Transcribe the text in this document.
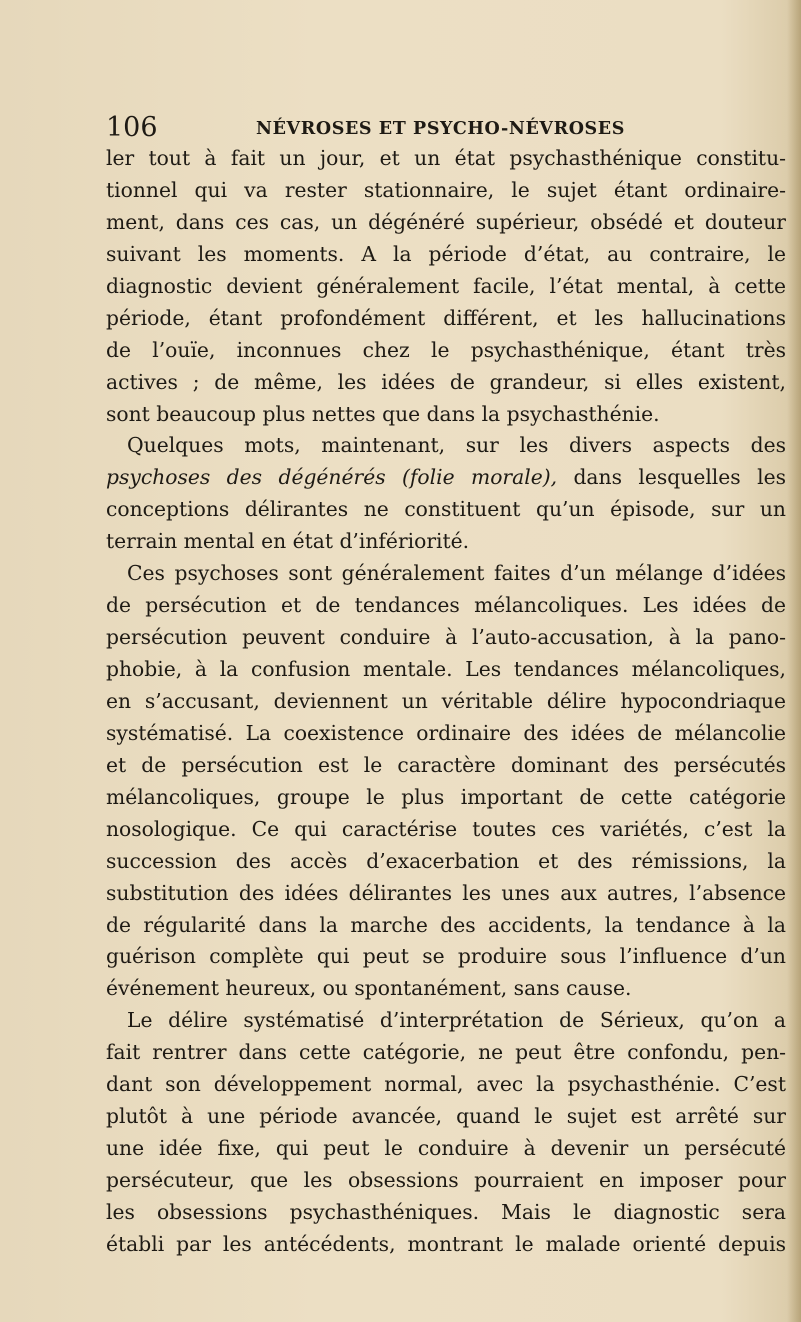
106	NÉVROSES ET PSYCHO-NÉVROSES
ler tout à fait un jour, et un état psychasthénique constitu-
tionnel qui va rester stationnaire, le sujet étant ordinaire-
ment, dans ces cas, un dégénéré supérieur, obsédé et douteur
suivant les moments. A la période d’état, au contraire, le
diagnostic devient généralement facile, l’état mental, à cette
période, étant profondément différent, et les hallucinations
de l’ouïe, inconnues chez le psychasthénique, étant très
actives ; de même, les idées de grandeur, si elles existent,
sont beaucoup plus nettes que dans la psychasthénie.
Quelques mots, maintenant, sur les divers aspects des
psychoses des dégénérés (folie morale), dans lesquelles les
conceptions délirantes ne constituent qu’un épisode, sur un
terrain mental en état d’infériorité.
Ces psychoses sont généralement faites d’un mélange d’idées
de persécution et de tendances mélancoliques. Les idées de
persécution peuvent conduire à l’auto-accusation, à la pano-
phobie, à la confusion mentale. Les tendances mélancoliques,
en s’accusant, deviennent un véritable délire hypocondriaque
systématisé. La coexistence ordinaire des idées de mélancolie
et de persécution est le caractère dominant des persécutés
mélancoliques, groupe le plus important de cette catégorie
nosologique. Ce qui caractérise toutes ces variétés, c’est la
succession des accès d’exacerbation et des rémissions, la
substitution des idées délirantes les unes aux autres, l’absence
de régularité dans la marche des accidents, la tendance à la
guérison complète qui peut se produire sous l’influence d’un
événement heureux, ou spontanément, sans cause.
Le délire systématisé d’interprétation de Sérieux, qu’on a
fait rentrer dans cette catégorie, ne peut être confondu, pen-
dant son développement normal, avec la psychasthénie. C’est
plutôt à une période avancée, quand le sujet est arrêté sur
une idée fixe, qui peut le conduire à devenir un persécuté
persécuteur, que les obsessions pourraient en imposer pour
les obsessions psychasthéniques. Mais le diagnostic sera
établi par les antécédents, montrant le malade orienté depuis
